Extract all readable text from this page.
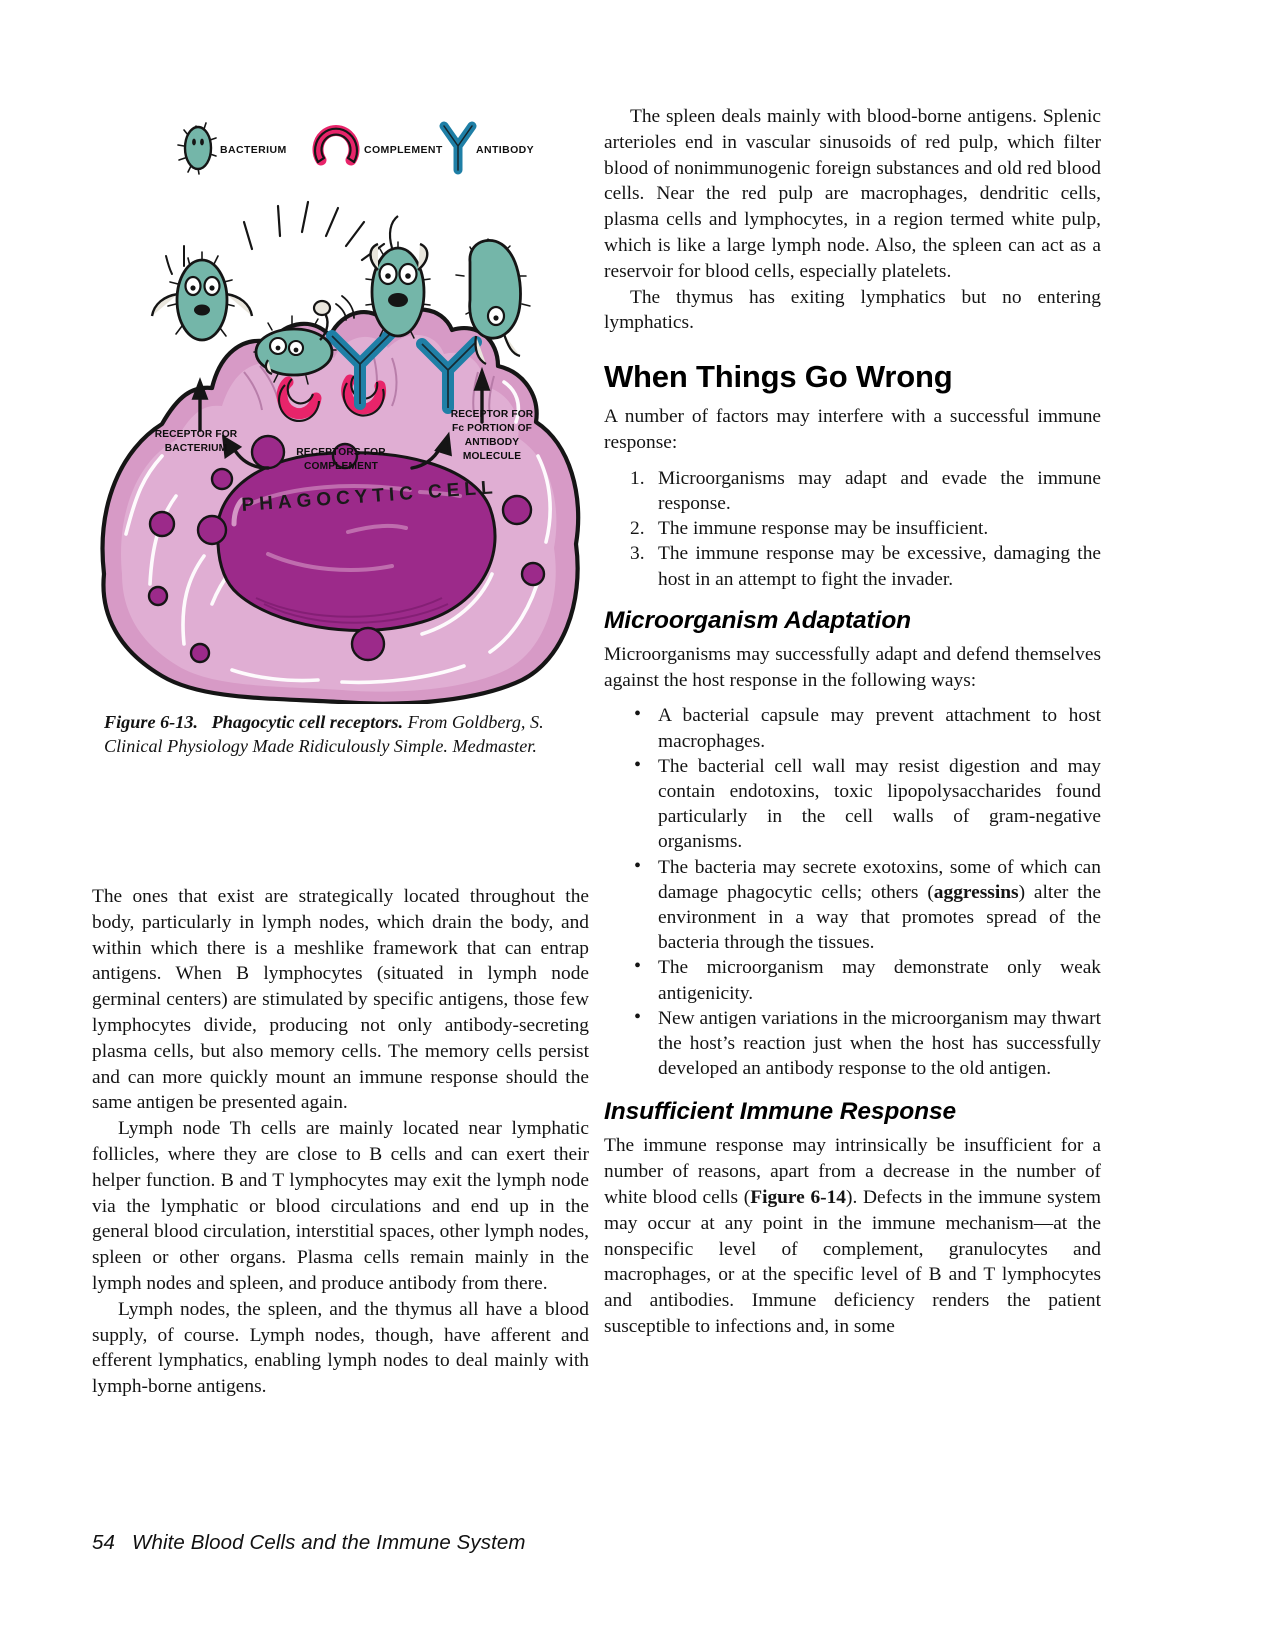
BACTERIUM	COMPLEMENT	ANTIBODY
RECEPTOR FOR
BACTERIUM	RECEPTORS FOR
COMPLEMENT
RECEPTOR FOR
Fc PORTION OF
ANTIBODY
MOLECULE
PHAGOCYTIC CELL
Figure 6-13. Phagocytic cell receptors. From Goldberg, S. Clinical Physiology Made Ridiculously Simple. Medmaster.

The ones that exist are strategically located throughout the body, particularly in lymph nodes, which drain the body, and within which there is a meshlike framework that can entrap antigens. When B lymphocytes (situated in lymph node germinal centers) are stimulated by specific antigens, those few lymphocytes divide, producing not only antibody-secreting plasma cells, but also memory cells. The memory cells persist and can more quickly mount an immune response should the same antigen be presented again.

Lymph node Th cells are mainly located near lymphatic follicles, where they are close to B cells and can exert their helper function. B and T lymphocytes may exit the lymph node via the lymphatic or blood circulations and end up in the general blood circulation, interstitial spaces, other lymph nodes, spleen or other organs. Plasma cells remain mainly in the lymph nodes and spleen, and produce antibody from there.

Lymph nodes, the spleen, and the thymus all have a blood supply, of course. Lymph nodes, though, have afferent and efferent lymphatics, enabling lymph nodes to deal mainly with lymph-borne antigens.

The spleen deals mainly with blood-borne antigens. Splenic arterioles end in vascular sinusoids of red pulp, which filter blood of nonimmunogenic foreign substances and old red blood cells. Near the red pulp are macrophages, dendritic cells, plasma cells and lymphocytes, in a region termed white pulp, which is like a large lymph node. Also, the spleen can act as a reservoir for blood cells, especially platelets.

The thymus has exiting lymphatics but no entering lymphatics.

When Things Go Wrong

A number of factors may interfere with a successful immune response:

1. Microorganisms may adapt and evade the immune response.
2. The immune response may be insufficient.
3. The immune response may be excessive, damaging the host in an attempt to fight the invader.
Microorganism Adaptation

Microorganisms may successfully adapt and defend themselves against the host response in the following ways:

• A bacterial capsule may prevent attachment to host macrophages.
• The bacterial cell wall may resist digestion and may contain endotoxins, toxic lipopolysaccharides found particularly in the cell walls of gram-negative organisms.
• The bacteria may secrete exotoxins, some of which can damage phagocytic cells; others (aggressins) alter the environment in a way that promotes spread of the bacteria through the tissues.
• The microorganism may demonstrate only weak antigenicity.
• New antigen variations in the microorganism may thwart the host’s reaction just when the host has successfully developed an antibody response to the old antigen.
Insufficient Immune Response

The immune response may intrinsically be insufficient for a number of reasons, apart from a decrease in the number of white blood cells (Figure 6-14). Defects in the immune system may occur at any point in the immune mechanism—at the nonspecific level of complement, granulocytes and macrophages, or at the specific level of B and T lymphocytes and antibodies. Immune deficiency renders the patient susceptible to infections and, in some

54 White Blood Cells and the Immune System
